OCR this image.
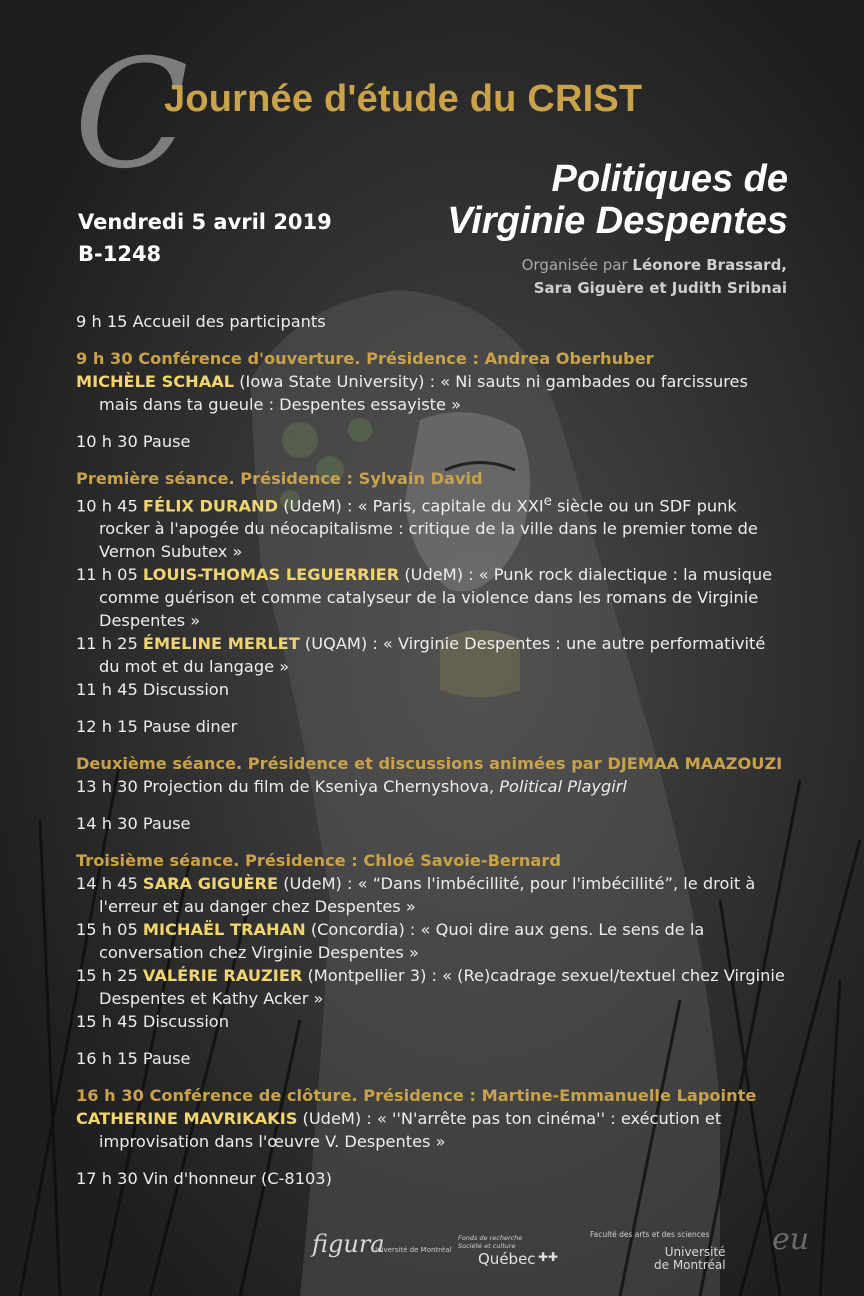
C
Journée d'étude du CRIST
Politiques de
Virginie Despentes
Vendredi 5 avril 2019
B-1248	Organisée par Léonore Brassard,
Sara Giguère et Judith Sribnai
9 h 15 Accueil des participants
9 h 30 Conférence d'ouverture. Présidence : Andrea Oberhuber
MICHÈLE SCHAAL (Iowa State University) : « Ni sauts ni gambades ou farcissures mais dans ta gueule : Despentes essayiste »
10 h 30 Pause
Première séance. Présidence : Sylvain David
10 h 45 FÉLIX DURAND (UdeM) : « Paris, capitale du XXIe siècle ou un SDF punk rocker à l'apogée du néocapitalisme : critique de la ville dans le premier tome de Vernon Subutex »
11 h 05 LOUIS-THOMAS LEGUERRIER (UdeM) : « Punk rock dialectique : la musique comme guérison et comme catalyseur de la violence dans les romans de Virginie Despentes »
11 h 25 ÉMELINE MERLET (UQAM) : « Virginie Despentes : une autre performativité du mot et du langage »
11 h 45 Discussion
12 h 15 Pause diner
Deuxième séance. Présidence et discussions animées par DJEMAA MAAZOUZI
13 h 30 Projection du film de Kseniya Chernyshova, Political Playgirl
14 h 30 Pause
Troisième séance. Présidence : Chloé Savoie-Bernard
14 h 45 SARA GIGUÈRE (UdeM) : « “Dans l'imbécillité, pour l'imbécillité”, le droit à l'erreur et au danger chez Despentes »
15 h 05 MICHAËL TRAHAN (Concordia) : « Quoi dire aux gens. Le sens de la conversation chez Virginie Despentes »
15 h 25 VALÉRIE RAUZIER (Montpellier 3) : « (Re)cadrage sexuel/textuel chez Virginie Despentes et Kathy Acker »
15 h 45 Discussion
16 h 15 Pause
16 h 30 Conférence de clôture. Présidence : Martine-Emmanuelle Lapointe
CATHERINE MAVRIKAKIS (UdeM) : « ''N'arrête pas ton cinéma'' : exécution et improvisation dans l'œuvre V. Despentes »
17 h 30 Vin d'honneur (C-8103)
figura
Université de Montréal
Fonds de recherche
Société et culture
Québec ✚✚
Faculté des arts et des sciences
Université
de Montréal
eu
